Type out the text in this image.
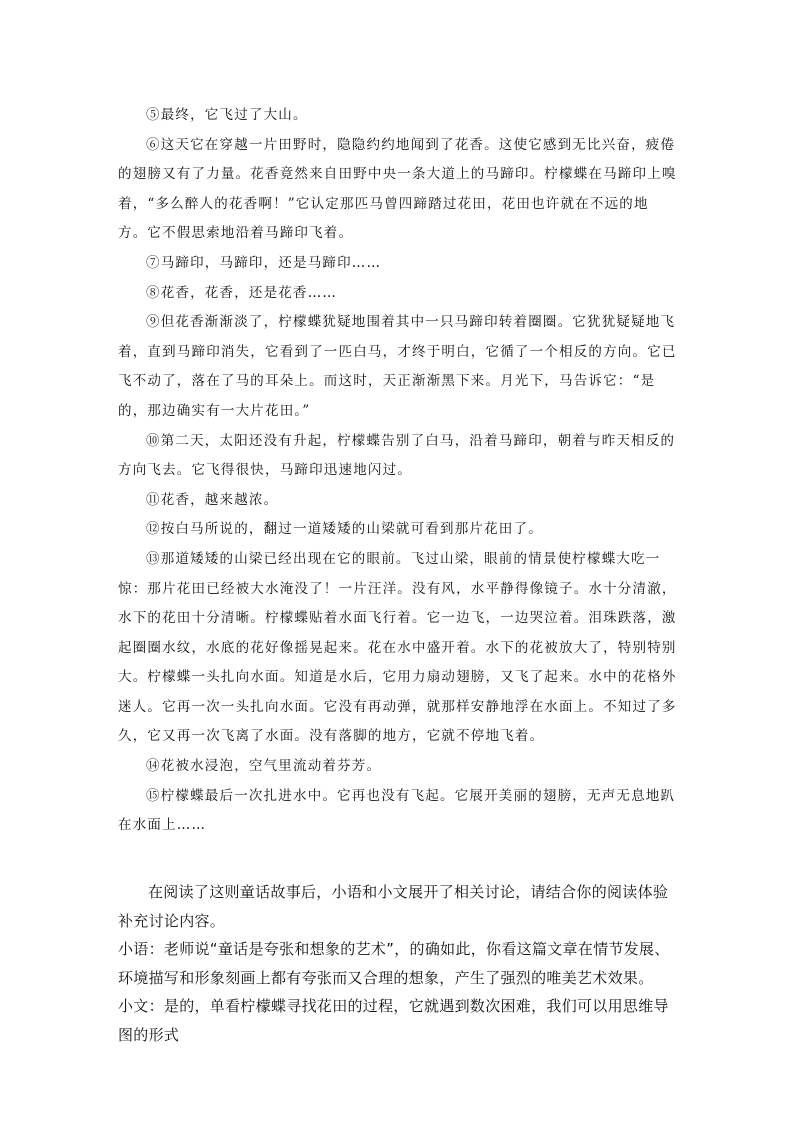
⑤最终，它飞过了大山。

⑥这天它在穿越一片田野时，隐隐约约地闻到了花香。这使它感到无比兴奋，疲倦的翅膀又有了力量。花香竟然来自田野中央一条大道上的马蹄印。柠檬蝶在马蹄印上嗅着，“多么醉人的花香啊！”它认定那匹马曾四蹄踏过花田，花田也许就在不远的地方。它不假思索地沿着马蹄印飞着。

⑦马蹄印，马蹄印，还是马蹄印……

⑧花香，花香，还是花香……

⑨但花香渐渐淡了，柠檬蝶犹疑地围着其中一只马蹄印转着圈圈。它犹犹疑疑地飞着，直到马蹄印消失，它看到了一匹白马，才终于明白，它循了一个相反的方向。它已飞不动了，落在了马的耳朵上。而这时，天正渐渐黑下来。月光下，马告诉它：“是的，那边确实有一大片花田。”

⑩第二天，太阳还没有升起，柠檬蝶告别了白马，沿着马蹄印，朝着与昨天相反的方向飞去。它飞得很快，马蹄印迅速地闪过。

⑪花香，越来越浓。

⑫按白马所说的，翻过一道矮矮的山梁就可看到那片花田了。

⑬那道矮矮的山梁已经出现在它的眼前。飞过山梁，眼前的情景使柠檬蝶大吃一惊：那片花田已经被大水淹没了！一片汪洋。没有风，水平静得像镜子。水十分清澈，水下的花田十分清晰。柠檬蝶贴着水面飞行着。它一边飞，一边哭泣着。泪珠跌落，激起圈圈水纹，水底的花好像摇晃起来。花在水中盛开着。水下的花被放大了，特别特别大。柠檬蝶一头扎向水面。知道是水后，它用力扇动翅膀，又飞了起来。水中的花格外迷人。它再一次一头扎向水面。它没有再动弹，就那样安静地浮在水面上。不知过了多久，它又再一次飞离了水面。没有落脚的地方，它就不停地飞着。

⑭花被水浸泡，空气里流动着芬芳。

⑮柠檬蝶最后一次扎进水中。它再也没有飞起。它展开美丽的翅膀，无声无息地趴在水面上……

在阅读了这则童话故事后，小语和小文展开了相关讨论，请结合你的阅读体验补充讨论内容。

小语：老师说“童话是夸张和想象的艺术”，的确如此，你看这篇文章在情节发展、环境描写和形象刻画上都有夸张而又合理的想象，产生了强烈的唯美艺术效果。

小文：是的，单看柠檬蝶寻找花田的过程，它就遇到数次困难，我们可以用思维导图的形式
